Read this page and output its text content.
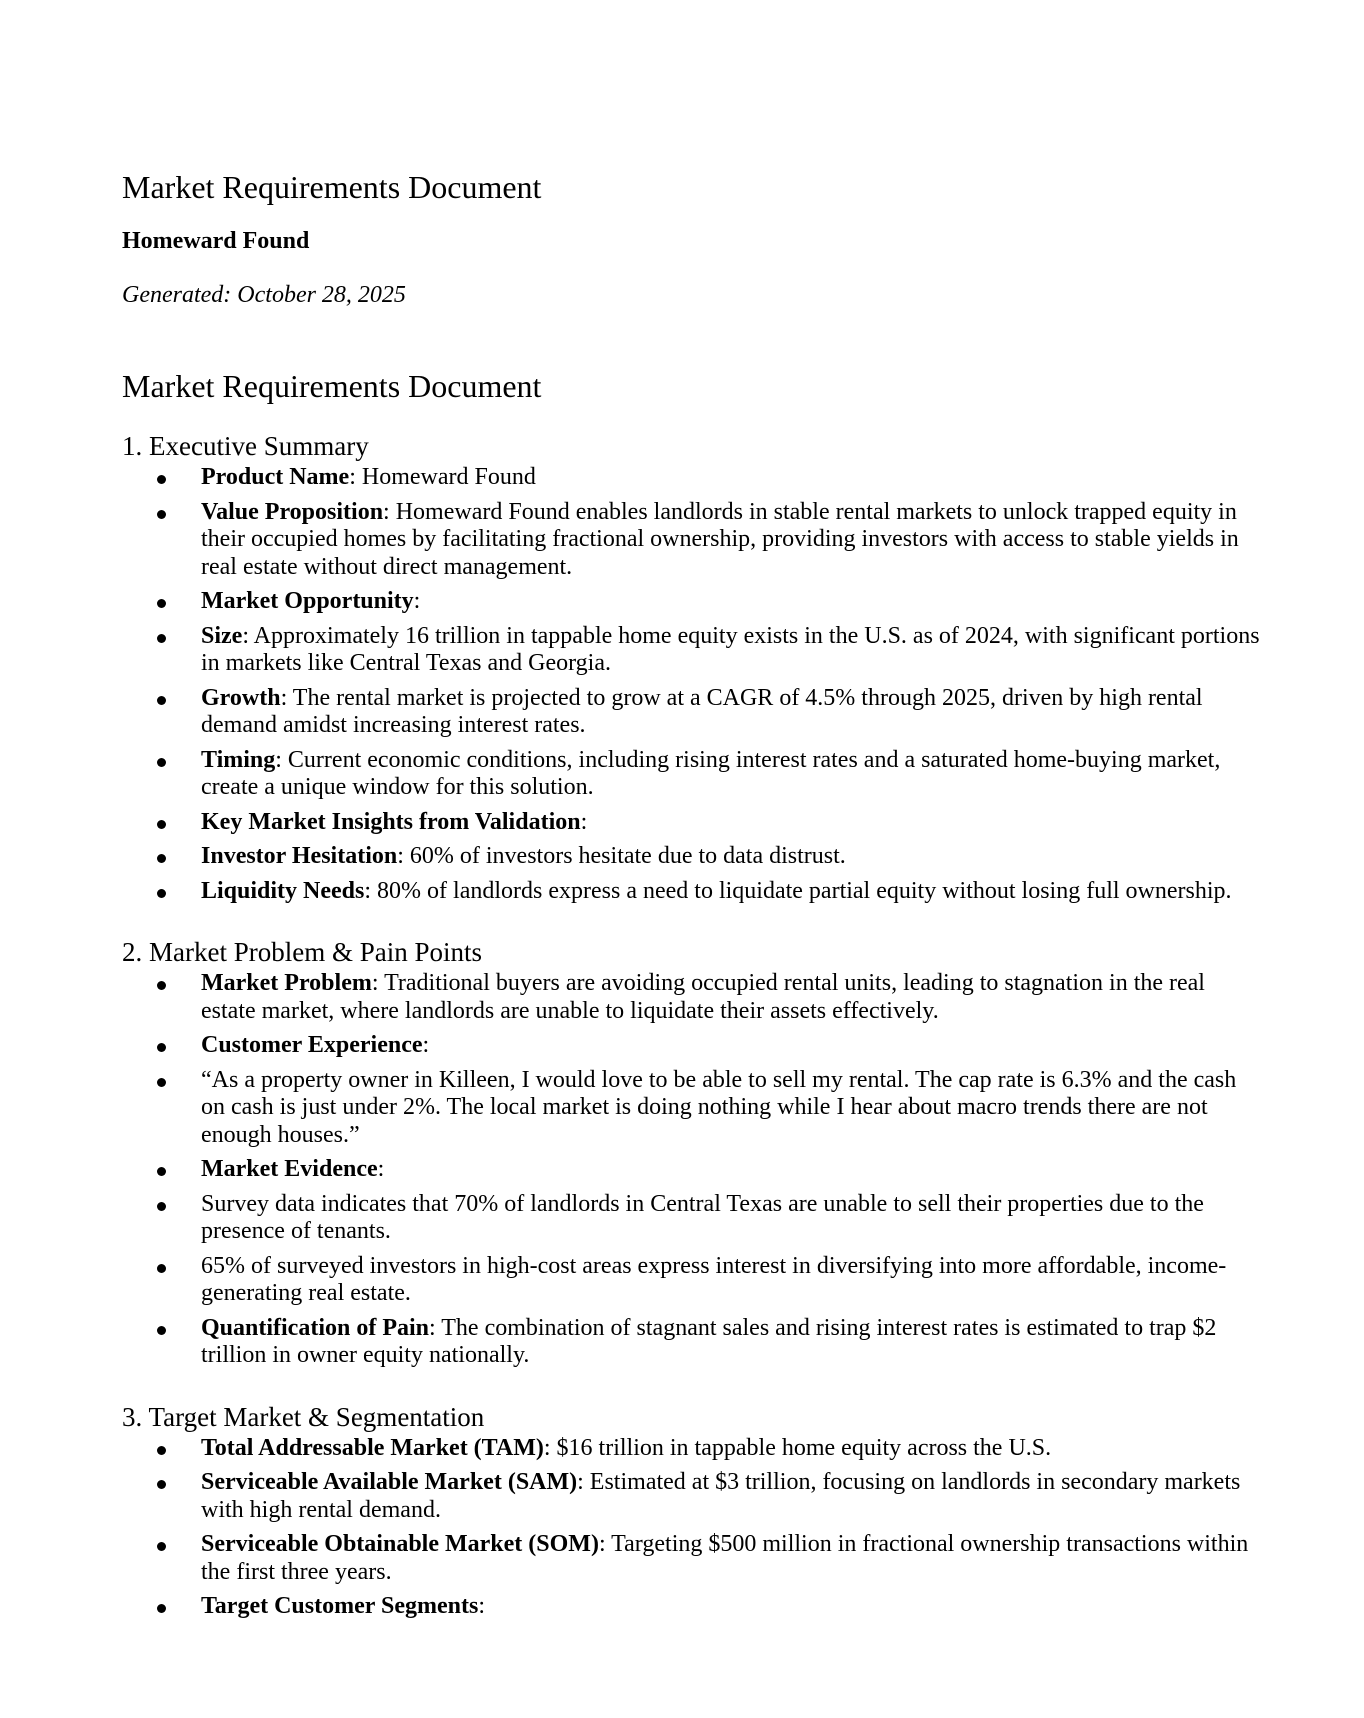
Market Requirements Document

Homeward Found

Generated: October 28, 2025

Market Requirements Document
1. Executive Summary
Product Name: Homeward Found
Value Proposition: Homeward Found enables landlords in stable rental markets to unlock trapped equity in their occupied homes by facilitating fractional ownership, providing investors with access to stable yields in real estate without direct management.
Market Opportunity:
Size: Approximately 16 trillion in tappable home equity exists in the U.S. as of 2024, with significant portions in markets like Central Texas and Georgia.
Growth: The rental market is projected to grow at a CAGR of 4.5% through 2025, driven by high rental demand amidst increasing interest rates.
Timing: Current economic conditions, including rising interest rates and a saturated home-buying market, create a unique window for this solution.
Key Market Insights from Validation:
Investor Hesitation: 60% of investors hesitate due to data distrust.
Liquidity Needs: 80% of landlords express a need to liquidate partial equity without losing full ownership.
2. Market Problem & Pain Points
Market Problem: Traditional buyers are avoiding occupied rental units, leading to stagnation in the real estate market, where landlords are unable to liquidate their assets effectively.
Customer Experience:
“As a property owner in Killeen, I would love to be able to sell my rental. The cap rate is 6.3% and the cash on cash is just under 2%. The local market is doing nothing while I hear about macro trends there are not enough houses.”
Market Evidence:
Survey data indicates that 70% of landlords in Central Texas are unable to sell their properties due to the presence of tenants.
65% of surveyed investors in high-cost areas express interest in diversifying into more affordable, income-generating real estate.
Quantification of Pain: The combination of stagnant sales and rising interest rates is estimated to trap $2 trillion in owner equity nationally.
3. Target Market & Segmentation
Total Addressable Market (TAM): $16 trillion in tappable home equity across the U.S.
Serviceable Available Market (SAM): Estimated at $3 trillion, focusing on landlords in secondary markets with high rental demand.
Serviceable Obtainable Market (SOM): Targeting $500 million in fractional ownership transactions within the first three years.
Target Customer Segments:
